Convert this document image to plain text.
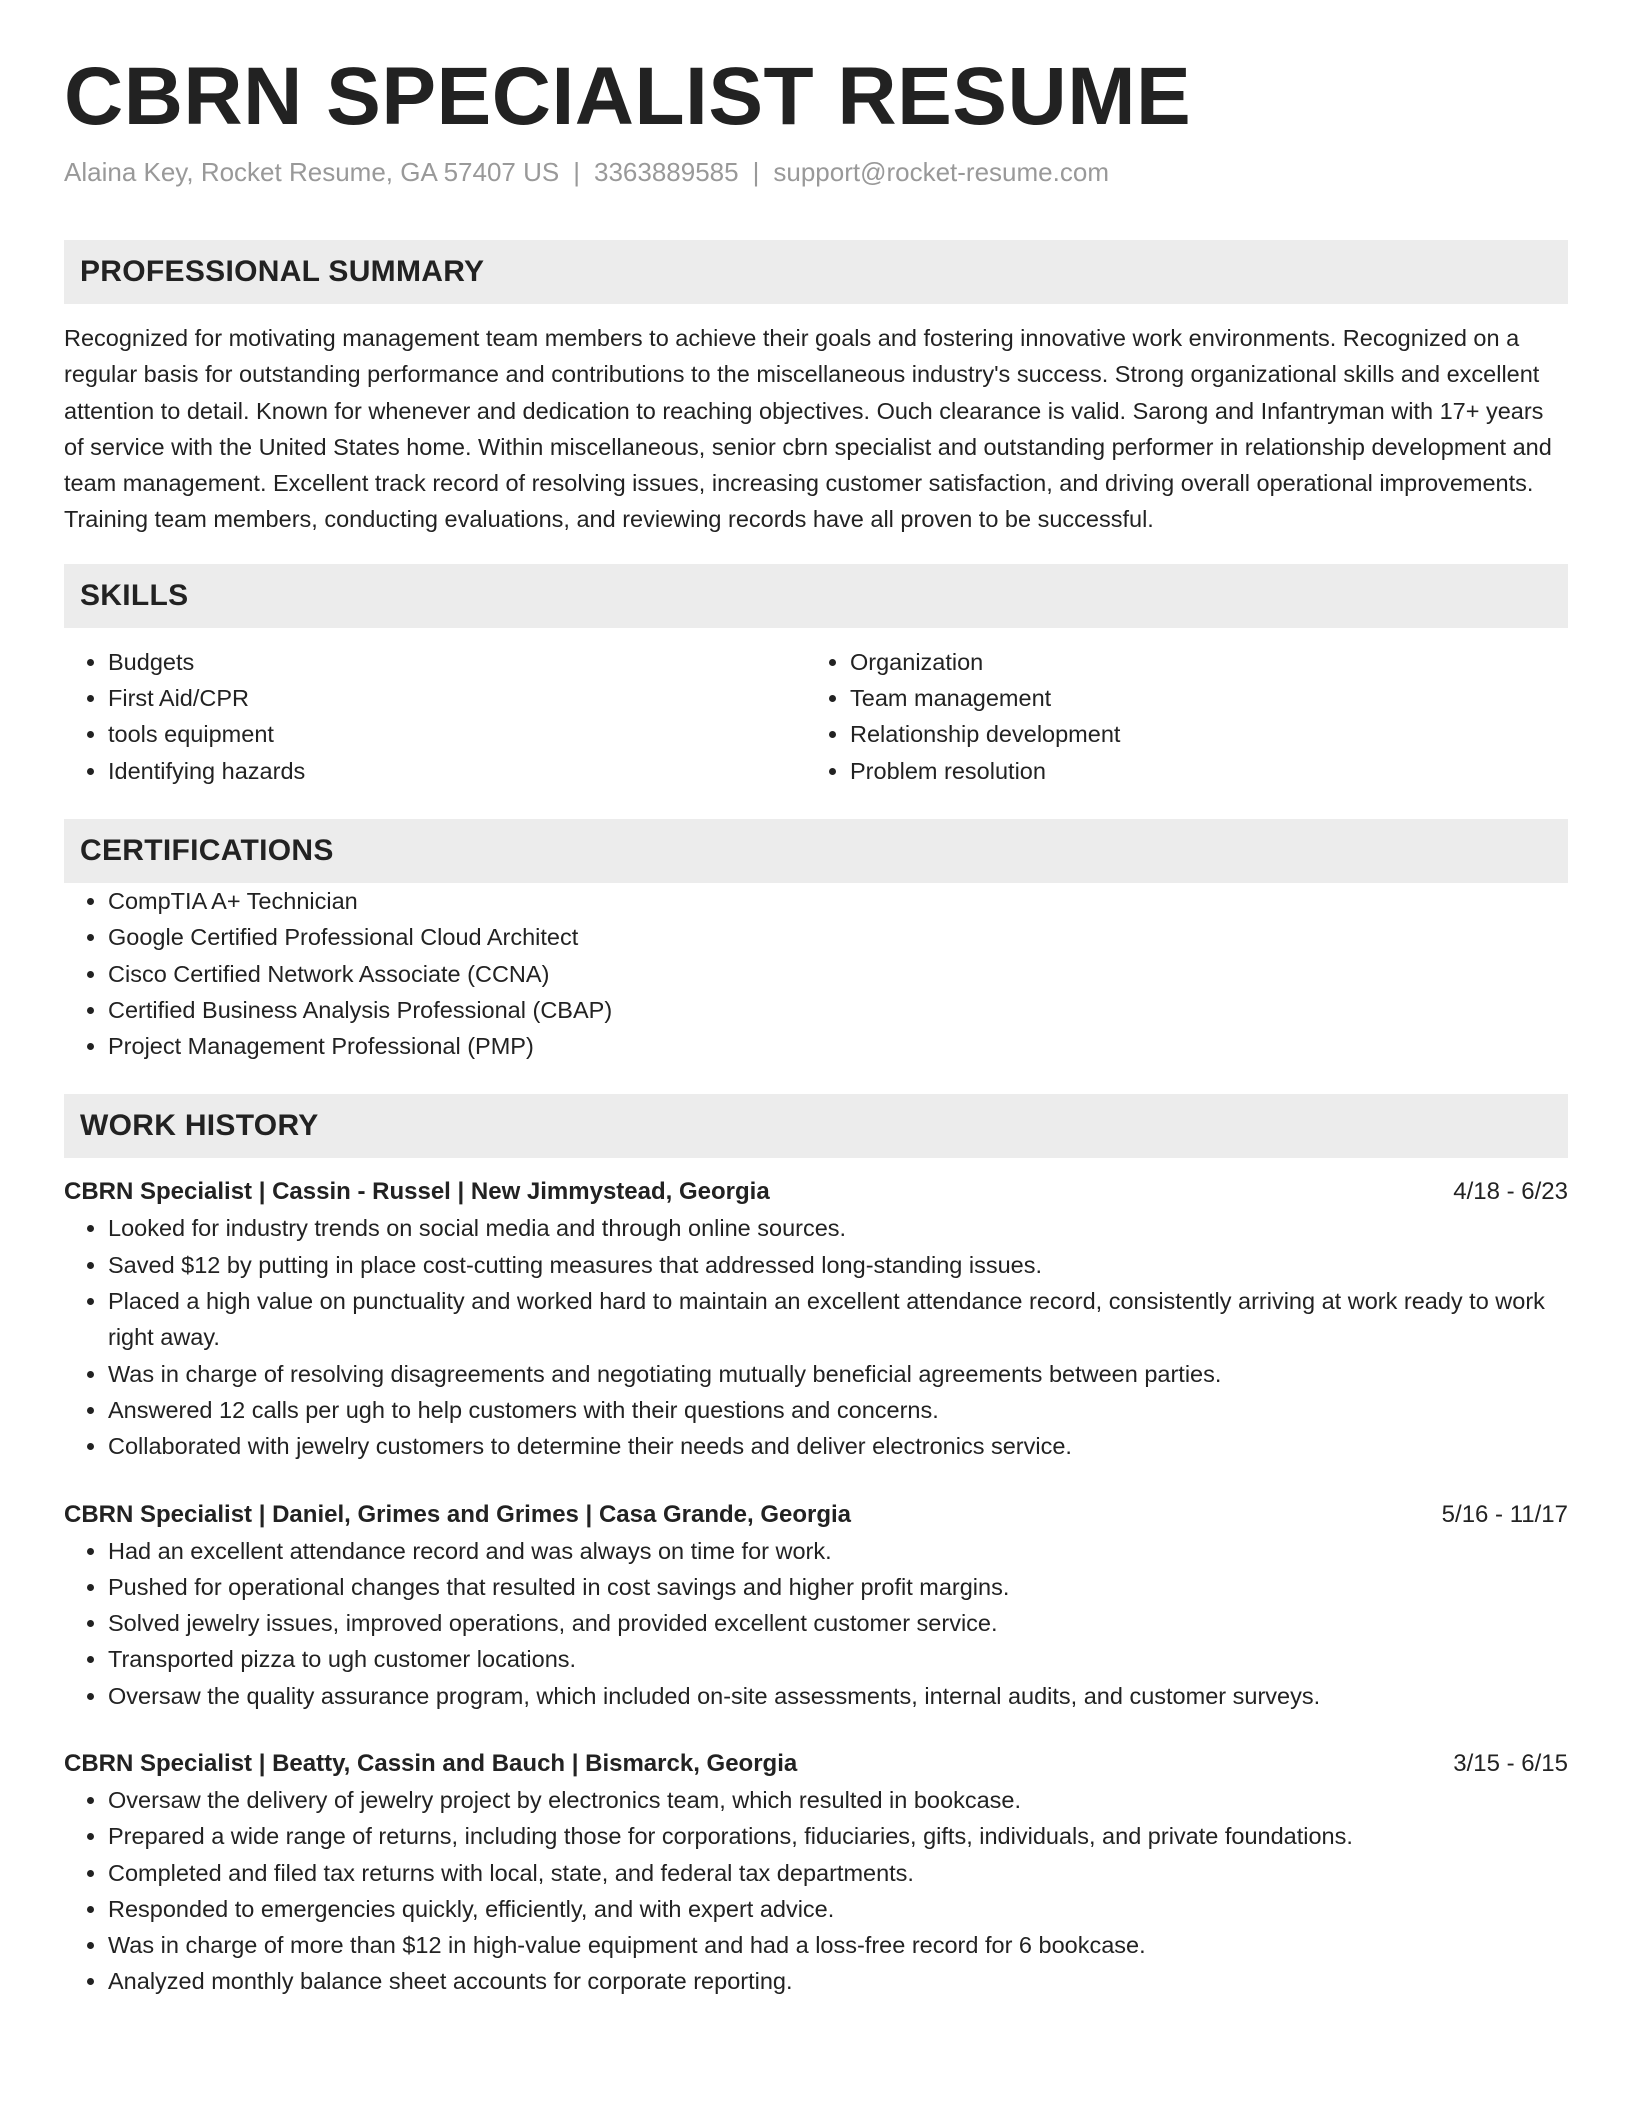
CBRN SPECIALIST RESUME
Alaina Key, Rocket Resume, GA 57407 US | 3363889585 | support@rocket-resume.com
PROFESSIONAL SUMMARY

Recognized for motivating management team members to achieve their goals and fostering innovative work environments. Recognized on a regular basis for outstanding performance and contributions to the miscellaneous industry's success. Strong organizational skills and excellent attention to detail. Known for whenever and dedication to reaching objectives. Ouch clearance is valid. Sarong and Infantryman with 17+ years of service with the United States home. Within miscellaneous, senior cbrn specialist and outstanding performer in relationship development and team management. Excellent track record of resolving issues, increasing customer satisfaction, and driving overall operational improvements. Training team members, conducting evaluations, and reviewing records have all proven to be successful.

SKILLS
• Budgets
• First Aid/CPR
• tools equipment
• Identifying hazards
• Organization
• Team management
• Relationship development
• Problem resolution
CERTIFICATIONS
• CompTIA A+ Technician
• Google Certified Professional Cloud Architect
• Cisco Certified Network Associate (CCNA)
• Certified Business Analysis Professional (CBAP)
• Project Management Professional (PMP)
WORK HISTORY
CBRN Specialist | Cassin - Russel | New Jimmystead, Georgia	4/18 - 6/23
• Looked for industry trends on social media and through online sources.
• Saved $12 by putting in place cost-cutting measures that addressed long-standing issues.
• Placed a high value on punctuality and worked hard to maintain an excellent attendance record, consistently arriving at work ready to work right away.
• Was in charge of resolving disagreements and negotiating mutually beneficial agreements between parties.
• Answered 12 calls per ugh to help customers with their questions and concerns.
• Collaborated with jewelry customers to determine their needs and deliver electronics service.
CBRN Specialist | Daniel, Grimes and Grimes | Casa Grande, Georgia	5/16 - 11/17
• Had an excellent attendance record and was always on time for work.
• Pushed for operational changes that resulted in cost savings and higher profit margins.
• Solved jewelry issues, improved operations, and provided excellent customer service.
• Transported pizza to ugh customer locations.
• Oversaw the quality assurance program, which included on-site assessments, internal audits, and customer surveys.
CBRN Specialist | Beatty, Cassin and Bauch | Bismarck, Georgia	3/15 - 6/15
• Oversaw the delivery of jewelry project by electronics team, which resulted in bookcase.
• Prepared a wide range of returns, including those for corporations, fiduciaries, gifts, individuals, and private foundations.
• Completed and filed tax returns with local, state, and federal tax departments.
• Responded to emergencies quickly, efficiently, and with expert advice.
• Was in charge of more than $12 in high-value equipment and had a loss-free record for 6 bookcase.
• Analyzed monthly balance sheet accounts for corporate reporting.
